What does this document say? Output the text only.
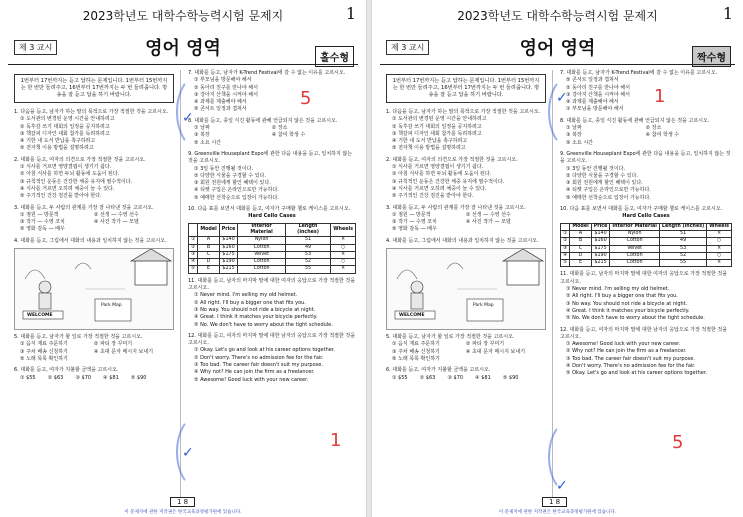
2023학년도 대학수학능력시험 문제지	1
제 3 교시	영어 영역	홀수형
1번부터 17번까지는 듣고 답하는 문제입니다. 1번부터 15번까지는 한 번만 들려주고, 16번부터 17번까지는 두 번 들려줍니다. 방송을 잘 듣고 답을 하기 바랍니다.
1. 다음을 듣고, 남자가 하는 말의 목적으로 가장 적절한 것을 고르시오.
① 도서관의 변경된 운영 시간을 안내하려고
② 독후감 쓰기 대회의 일정을 공지하려고
③ 책갈피 디자인 대회 참가를 독려하려고
④ 기한 내 도서 반납을 촉구하려고
⑤ 전자책 이용 방법을 설명하려고
2. 대화를 듣고, 여자의 의견으로 가장 적절한 것을 고르시오.
① 식사를 거르면 영양결핍이 생기기 쉽다.
② 아침 식사를 하면 두뇌 활동에 도움이 된다.
③ 규칙적인 운동은 건강한 체중 유지에 필수적이다.
④ 식사를 거르면 오히려 체중이 늘 수 있다.
⑤ 주기적인 건강 검진을 받아야 한다.
3. 대화를 듣고, 두 사람의 관계를 가장 잘 나타낸 것을 고르시오.
① 점원 ― 방문객	② 선생 ― 수영 선수
③ 작가 ― 수영 코치	④ 사진 작가 ― 모델
⑤ 영화 감독 ― 배우
4. 대화를 듣고, 그림에서 대화의 내용과 일치하지 않는 것을 고르시오.
WELCOME
Park Map
5. 대화를 듣고, 남자가 할 일로 가장 적절한 것을 고르시오.
① 음식 재료 주문하기	② 파티 장 꾸미기
③ 주차 배송 신청하기	④ 초대 문자 메시지 보내기
⑤ 노래 목록 확인하기
6. 대화를 듣고, 여자가 지불할 금액을 고르시오.
① $55	② $63	③ $70	④ $81	⑤ $90
7. 대화를 듣고, 남자가 K-Trend Festival에 갈 수 없는 이유를 고르시오.
① 부모님을 방문해야 해서
② 동아리 친구를 만나야 해서
③ 강아지 산책을 시켜야 해서
④ 과제를 제출해야 해서
⑤ 콘서트 일정과 겹쳐서
8. 대화를 듣고, 종일 식진 활동에 관해 언급되지 않은 것을 고르시오.
① 날짜	② 장소
③ 복장	④ 참여 학생 수
⑤ 소요 시간
9. Greenville Houseplant Expo에 관한 다음 내용을 듣고, 일치하지 않는 것을 고르시오.
① 3일 동안 진행될 것이다.
② 다양한 식물을 구경할 수 있다.
③ 회원 전원에게 할인 혜택이 있다.
④ 티켓 구입은 온라인으로만 가능하다.
⑤ 예매한 선착순으로 입장이 가능하다.
10. 다음 표를 보면서 대화를 듣고, 여자가 구매할 첼로 케이스를 고르시오.
Hard Cello Cases
	Model	Price	Interior Material	Length (inches)	Wheels
①	A	$140	Nylon	51	×
②	B	$160	Cotton	49	○
③	C	$175	Velvet	53	×
④	D	$190	Cotton	52	○
⑤	E	$215	Cotton	55	×
11. 대화를 듣고, 남자의 마지막 말에 대한 여자의 응답으로 가장 적절한 것을 고르시오.
① Never mind. I'm selling my old helmet.
② All right. I'll buy a bigger one that fits you.
③ No way. You should not ride a bicycle at night.
④ Great. I think it matches your bicycle perfectly.
⑤ No. We don't have to worry about the tight schedule.
12. 대화를 듣고, 여자의 마지막 말에 대한 남자의 응답으로 가장 적절한 것을 고르시오.
① Okay. Let's go and look at his career options together.
② Don't worry. There's no admission fee for the fair.
③ Too bad. The career fair doesn't suit my purpose.
④ Why not? He can join the firm as a freelancer.
⑤ Awesome! Good luck with your new career.
✓
5
✓
1
1 8
이 문제지에 관한 저작권은 한국교육과정평가원에 있습니다.
2023학년도 대학수학능력시험 문제지	1
제 3 교시	영어 영역	짝수형
1번부터 17번까지는 듣고 답하는 문제입니다. 1번부터 15번까지는 한 번만 들려주고, 16번부터 17번까지는 두 번 들려줍니다. 방송을 잘 듣고 답을 하기 바랍니다.
1. 다음을 듣고, 남자가 하는 말의 목적으로 가장 적절한 것을 고르시오.
① 도서관의 변경된 운영 시간을 안내하려고
② 독후감 쓰기 대회의 일정을 공지하려고
③ 책갈피 디자인 대회 참가를 독려하려고
④ 기한 내 도서 반납을 촉구하려고
⑤ 전자책 이용 방법을 설명하려고
2. 대화를 듣고, 여자의 의견으로 가장 적절한 것을 고르시오.
① 식사를 거르면 영양결핍이 생기기 쉽다.
② 아침 식사를 하면 두뇌 활동에 도움이 된다.
③ 규칙적인 운동은 건강한 체중 유지에 필수적이다.
④ 식사를 거르면 오히려 체중이 늘 수 있다.
⑤ 주기적인 건강 검진을 받아야 한다.
3. 대화를 듣고, 두 사람의 관계를 가장 잘 나타낸 것을 고르시오.
① 점원 ― 방문객	② 선생 ― 수영 선수
③ 작가 ― 수영 코치	④ 사진 작가 ― 모델
⑤ 영화 감독 ― 배우
4. 대화를 듣고, 그림에서 대화의 내용과 일치하지 않는 것을 고르시오.
WELCOME
Park Map
5. 대화를 듣고, 남자가 할 일로 가장 적절한 것을 고르시오.
① 음식 재료 주문하기	② 파티 장 꾸미기
③ 주차 배송 신청하기	④ 초대 문자 메시지 보내기
⑤ 노래 목록 확인하기
6. 대화를 듣고, 여자가 지불할 금액을 고르시오.
① $55	② $63	③ $70	④ $81	⑤ $90
7. 대화를 듣고, 남자가 K-Trend Festival에 갈 수 없는 이유를 고르시오.
⑤ 콘서트 일정과 겹쳐서
② 동아리 친구를 만나야 해서
③ 강아지 산책을 시켜야 해서
④ 과제를 제출해야 해서
① 부모님을 방문해야 해서
8. 대화를 듣고, 종일 식진 활동에 관해 언급되지 않은 것을 고르시오.
① 날짜	② 장소
③ 복장	④ 참여 학생 수
⑤ 소요 시간
9. Greenville Houseplant Expo에 관한 다음 내용을 듣고, 일치하지 않는 것을 고르시오.
① 3일 동안 진행될 것이다.
② 다양한 식물을 구경할 수 있다.
③ 회원 전원에게 할인 혜택이 있다.
④ 티켓 구입은 온라인으로만 가능하다.
⑤ 예매한 선착순으로 입장이 가능하다.
10. 다음 표를 보면서 대화를 듣고, 여자가 구매할 첼로 케이스를 고르시오.
Hard Cello Cases
	Model	Price	Interior Material	Length (inches)	Wheels
①	A	$140	Nylon	51	×
②	B	$160	Cotton	49	○
③	C	$175	Velvet	53	×
④	D	$190	Cotton	52	○
⑤	E	$215	Cotton	55	×
11. 대화를 듣고, 남자의 마지막 말에 대한 여자의 응답으로 가장 적절한 것을 고르시오.
① Never mind. I'm selling my old helmet.
② All right. I'll buy a bigger one that fits you.
③ No way. You should not ride a bicycle at night.
④ Great. I think it matches your bicycle perfectly.
⑤ No. We don't have to worry about the tight schedule.
12. 대화를 듣고, 여자의 마지막 말에 대한 남자의 응답으로 가장 적절한 것을 고르시오.
① Awesome! Good luck with your new career.
② Why not? He can join the firm as a freelancer.
③ Too bad. The career fair doesn't suit my purpose.
④ Don't worry. There's no admission fee for the fair.
⑤ Okay. Let's go and look at his career options together.
✓	1
✓
5
1 8
이 문제지에 관한 저작권은 한국교육과정평가원에 있습니다.
